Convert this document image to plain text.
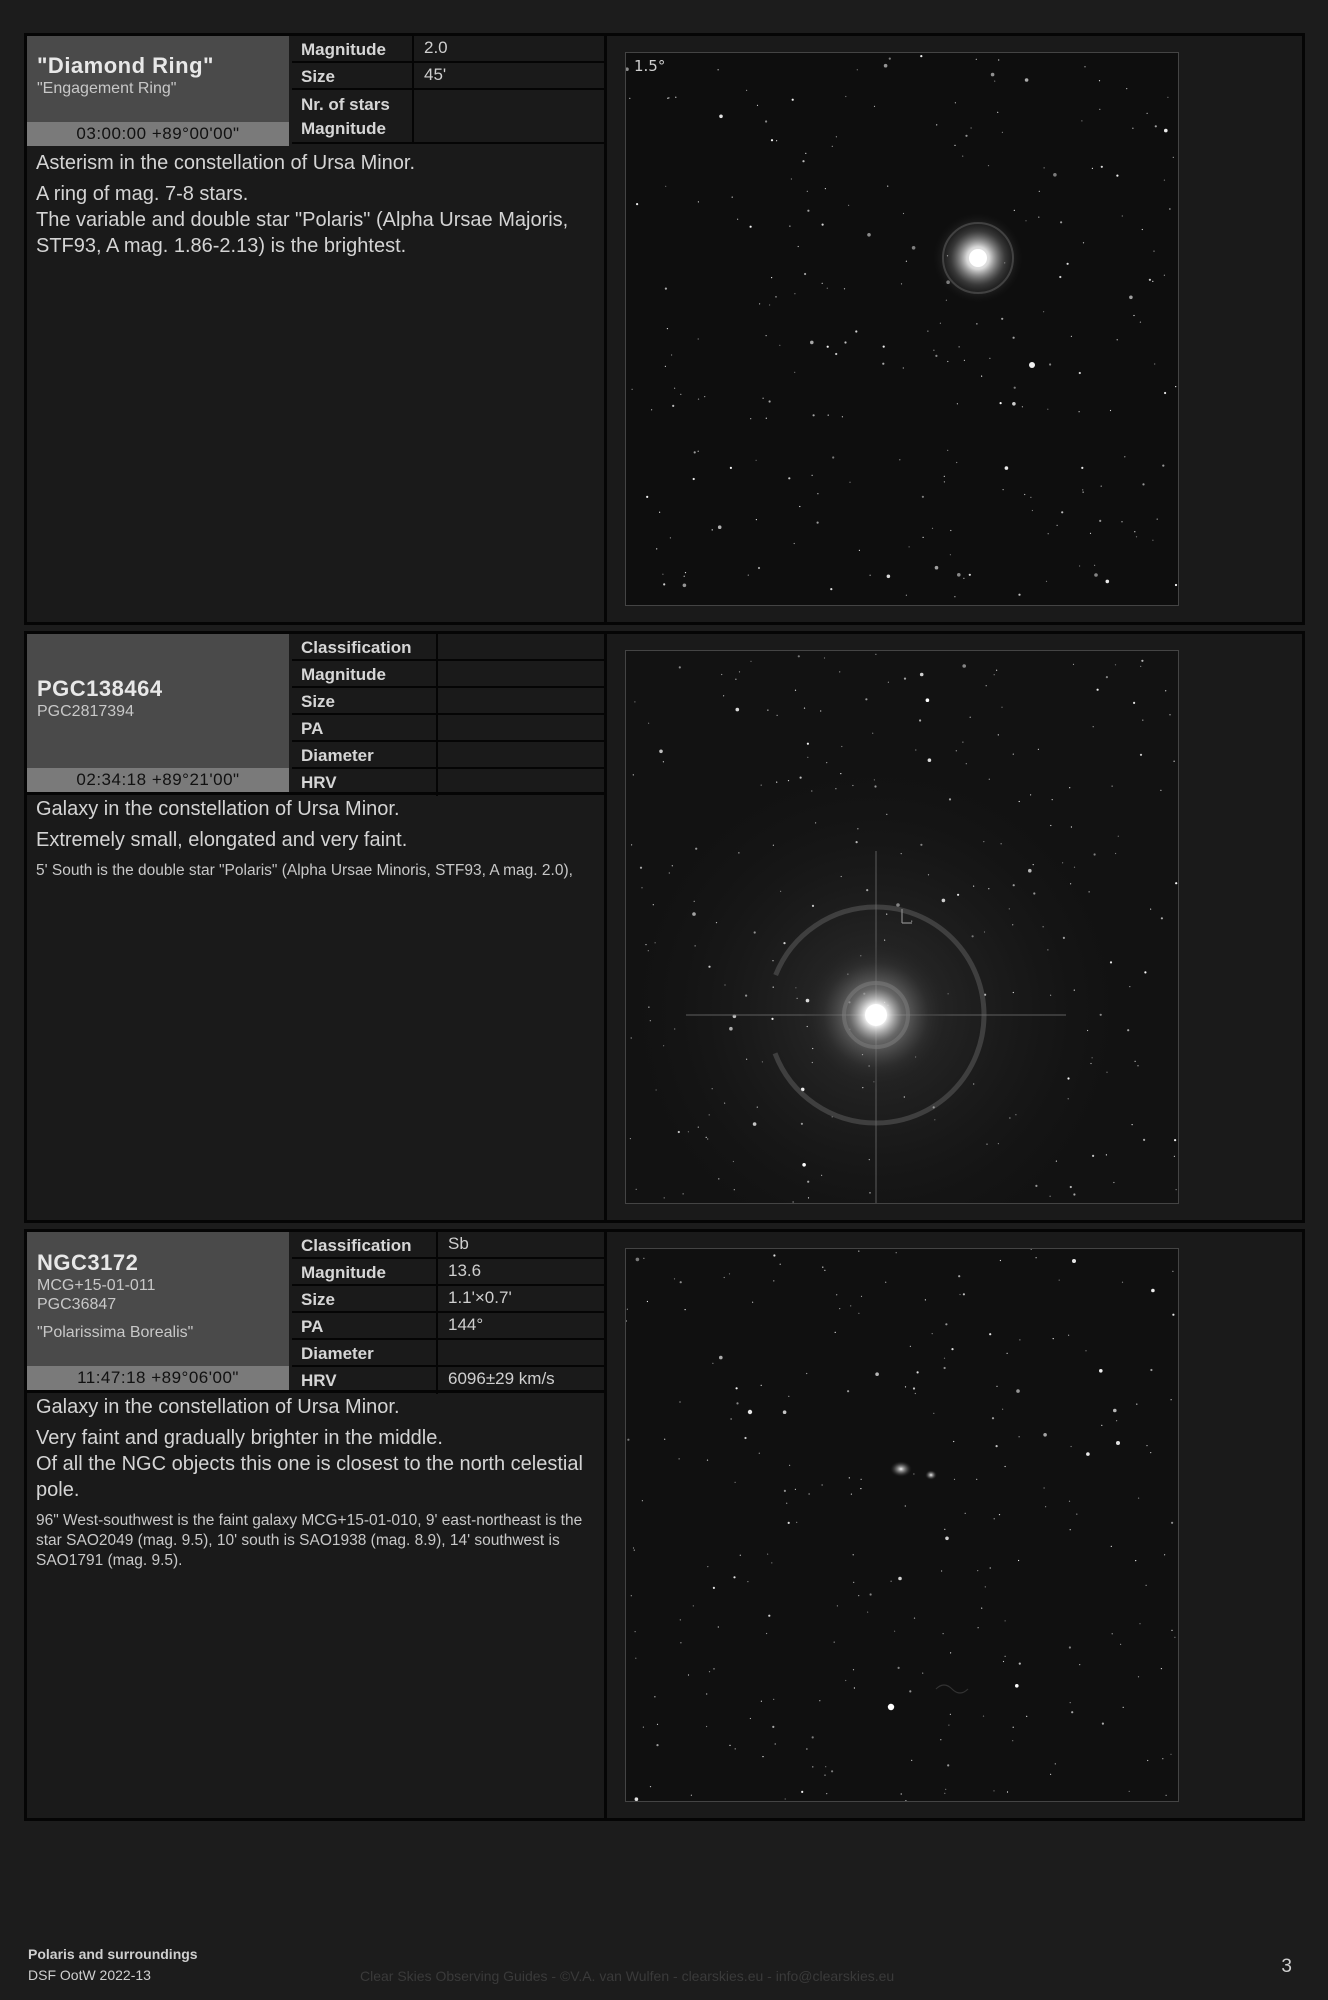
"Diamond Ring"
"Engagement Ring"
03:00:00 +89°00'00"
Magnitude	2.0
Size	45'
Nr. of stars
Magnitude

Asterism in the constellation of Ursa Minor.

A ring of mag. 7-8 stars.

The variable and double star "Polaris" (Alpha Ursae Majoris, STF93, A mag. 1.86-2.13) is the brightest.

1.5°
PGC138464
PGC2817394
02:34:18 +89°21'00"
Classification
Magnitude
Size
PA
Diameter
HRV

Galaxy in the constellation of Ursa Minor.

Extremely small, elongated and very faint.

5' South is the double star "Polaris" (Alpha Ursae Minoris, STF93, A mag. 2.0),

NGC3172
MCG+15-01-011
PGC36847
"Polarissima Borealis"
11:47:18 +89°06'00"
Classification	Sb
Magnitude	13.6
Size	1.1'×0.7'
PA	144°
Diameter
HRV	6096±29 km/s

Galaxy in the constellation of Ursa Minor.

Very faint and gradually brighter in the middle.

Of all the NGC objects this one is closest to the north celestial pole.

96" West-southwest is the faint galaxy MCG+15-01-010, 9' east-northeast is the star SAO2049 (mag. 9.5), 10' south is SAO1938 (mag. 8.9), 14' southwest is SAO1791 (mag. 9.5).

Polaris and surroundings
DSF OotW 2022-13	Clear Skies Observing Guides - ©V.A. van Wulfen - clearskies.eu - info@clearskies.eu	3
